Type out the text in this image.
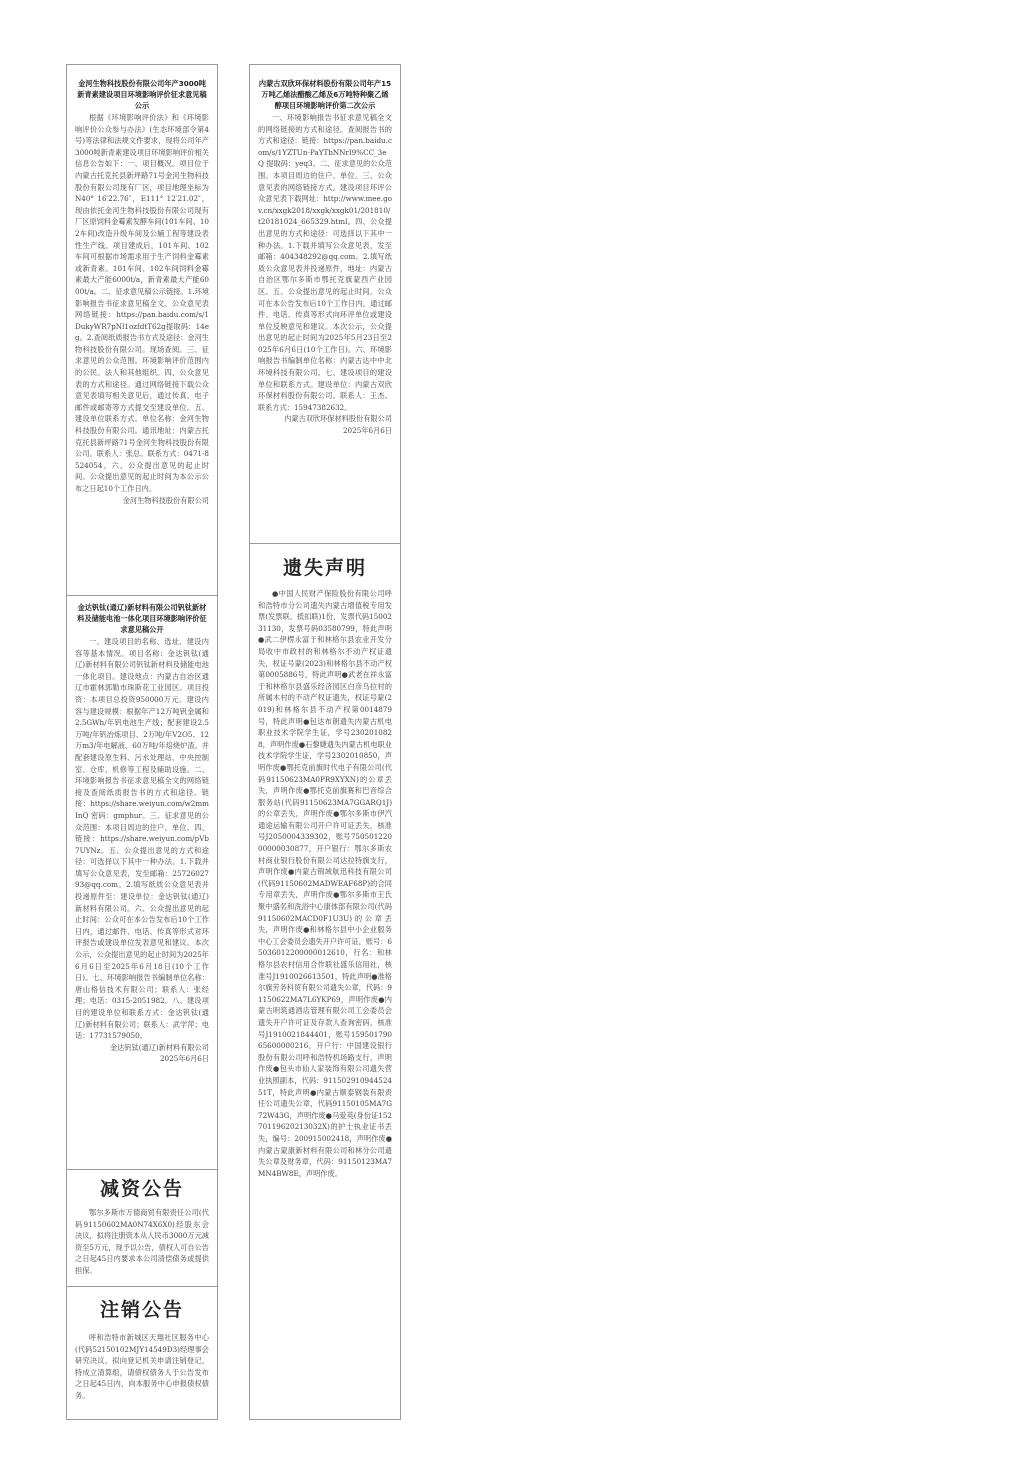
金河生物科技股份有限公司年产3000吨新青素建设项目环境影响评价征求意见稿公示

根据《环境影响评价法》和《环境影响评价公众参与办法》(生态环境部令第4号)等法律和法规文件要求，现将公司年产3000吨新青素建设项目环境影响评价相关信息公告如下：一、项目概况。项目位于内蒙古托克托县新坪路71号金河生物科技股份有限公司现有厂区，项目地理坐标为N40° 16′22.76″，E111° 12′21.02″，现由依托金河生物科技股份有限公司现有厂区原饲料金霉素发酵车间(101车间、102车间)改造升级车间及公辅工程等建设表性生产线。项目建成后，101车间、102车间可根据市场需求用于生产饲料金霉素或新青素。101车间、102车间饲料金霉素最大产能6000t/a，新青素最大产能6000t/a。二、征求意见稿公示链接。1.环境影响报告书征求意见稿全文、公众意见表网络链接：https://pan.baidu.com/s/1DukyWR7pNl1ozfdtT62g提取码：14eg。2.查阅纸质报告书方式及途径：金河生物科技股份有限公司。现场查阅。三、征求意见的公众范围。环境影响评价范围内的公民、法人和其他组织。四、公众意见表的方式和途径。通过网络链接下载公众意见表填写相关意见后，通过传真、电子邮件或邮寄等方式提交至建设单位。五、建设单位联系方式。单位名称：金河生物科技股份有限公司。通讯地址：内蒙古托克托县新坪路71号金河生物科技股份有限公司。联系人：张总。联系方式：0471-8524054。六、公众提出意见的起止时间。公众提出意见的起止时间为本公示公布之日起10个工作日内。

金河生物科技股份有限公司

金达钒钛(通辽)新材料有限公司钒钛新材料及储能电池一体化项目环境影响评价征求意见稿公开

一、建设项目的名称、选址、建设内容等基本情况。项目名称：金达钒钛(通辽)新材料有限公司钒钛新材料及储能电池一体化项目。建设地点：内蒙古自治区通辽市霍林郭勒市珠斯花工业园区。项目投资：本项目总投资950000万元。建设内容与建设规模：根据年产12万吨钒金属和2.5GWh/年钒电池生产线；配套建设2.5万吨/年钒冶炼项目、2万吨/年V2O5、12万m3/年电解液、60万吨/年焙烧炉渣。并配套建设原生料、污水处理站、中央控制室、仓库、机修等工程及辅助设施。二、环境影响报告书征求意见稿全文的网络链接及查阅纸质报告书的方式和途径。链接：https://share.weiyun.com/w2mmInQ 密码：gmphur。三、征求意见的公众范围：本项目周边的住户、单位。四、链接：https://share.weiyun.com/pVb7UYNz。五、公众提出意见的方式和途径：可选择以下其中一种办法。1.下载并填写公众意见表，发至邮箱：2572602793@qq.com。2.填写纸质公众意见表并投递原件至：建设单位：金达钒钛(通辽)新材料有限公司。六、公众提出意见的起止时间：公众可在本公告发布后10个工作日内，通过邮件、电话、传真等形式对环评报告或建设单位发表意见和建议。本次公示，公众提出意见的起止时间为2025年6月6日至2025年6月18日(10个工作日)。七、环境影响报告书编制单位名称：唐山格信技术有限公司；联系人：张经理；电话：0315-2051982。八、建设项目的建设单位和联系方式：金达钒钛(通辽)新材料有限公司；联系人：武学萍；电话：17731579050。

金达钒钛(通辽)新材料有限公司

2025年6月6日

减资公告

鄂尔多斯市万德商贸有限责任公司(代码91150602MA0N74X6X0)经股东会决议，拟将注册资本从人民币3000万元减资至5万元，现予以公告，债权人可自公告之日起45日内要求本公司清偿债务或提供担保。

注销公告

呼和浩特市新城区天翔社区服务中心(代码52150102MJY14549D3)经理事会研究决议，拟向登记机关申请注销登记，特成立清算组，请债权债务人于公告发布之日起45日内，向本服务中心申报债权债务。

内蒙古双欣环保材料股份有限公司年产15万吨乙烯法醋酸乙烯及6万吨特种聚乙烯醇项目环境影响评价第二次公示

一、环境影响报告书征求意见稿全文的网络链接的方式和途径。查阅报告书的方式和途径：链接：https://pan.baidu.com/s/1YZTUn-PaYTbNNrI9%CC_3eQ 提取码：yeq3。二、征求意见的公众范围。本项目周边的住户、单位。三、公众意见表的网络链接方式。建设项目环评公众意见表下载网址：http://www.mee.gov.cn/xxgk2018/xxgk/xxgk01/201810/t20181024_665329.html。四、公众提出意见的方式和途径：可选择以下其中一种办法。1.下载并填写公众意见表，发至邮箱：404348292@qq.com。2.填写纸质公众意见表并投递原件，地址：内蒙古自治区鄂尔多斯市鄂托克旗蒙西产业园区。五、公众提出意见的起止时间。公众可在本公告发布后10个工作日内，通过邮件、电话、传真等形式向环评单位或建设单位反映意见和建议。本次公示，公众提出意见的起止时间为2025年5月23日至2025年6月6日(10个工作日)。六、环境影响报告书编制单位名称：内蒙古达中中北环境科技有限公司。七、建设项目的建设单位和联系方式。建设单位：内蒙古双欣环保材料股份有限公司。联系人：王杰。联系方式：15947382632。

内蒙古双欣环保材料股份有限公司

2025年6月6日

遗失声明

●中国人民财产保险股份有限公司呼和浩特市分公司遗失内蒙古增值税专用发票(发票联、抵扣联)1份，发票代码1500231130，发票号码03580799，特此声明●武二伊楞永富于和林格尔县农业开发分局收中市政村的和林格尔不动产权证遗失，权证号蒙(2023)和林格尔县不动产权第0005886号，特此声明●武老在祥永富于和林格尔县盛乐经济园区白彦乌拉村的所属木村的不动产权证遗失，权证号蒙(2019)和林格尔县不动产权第0014879号，特此声明●包达布朗遗失内蒙古机电职业技术学院学生证，学号2302010828，声明作废●石黎婕遗失内蒙古机电职业技术学院学生证，学号2302010850，声明作废●鄂托克前旗时代电子有限公司(代码91150623MA0PR9XYXN)的公章丢失，声明作废●鄂托克前旗赛和巴音综合服务站(代码91150623MA7GGARQ1J)的公章丢失，声明作废●鄂尔多斯市伊汽通途运输有限公司开户许可证丢失，核准号J2050004339302，账号75050122000000030877，开户银行：鄂尔多斯农村商业银行股份有限公司达拉特旗支行，声明作废●内蒙古锦域航迅科技有限公司(代码91150602MADWEAF68P)的合同专用章丢失，声明作废●鄂尔多斯市王氏聚中盛名和洗浴中心康体部有限公司(代码91150602MACD0F1U3U)的公章丢失，声明作废●和林格尔县中小企业服务中心工会委员会遗失开户许可证，账号：65036012200000012610，行名：和林格尔县农村信用合作联社盛乐信用社，核准号J1910026613501，特此声明●准格尔旗劳务科贸有限公司遗失公章，代码：91150622MA7L6YKP69，声明作废●内蒙古明筑通酒店管理有限公司工会委员会遗失开户许可证及存款人查询密码，核准号J1910021844401，账号15950179065600000216，开户行：中国建设银行股份有限公司呼和浩特机场路支行，声明作废●包头市仙人家装饰有限公司遗失营业执照副本，代码：91150291094452451T，特此声明●内蒙古顺泰钢装有限责任公司遗失公章，代码91150105MA7G72W43G，声明作废●马爱英(身份证15270119620213032X)的护士执业证书丢失，编号：200915002418，声明作废●内蒙古蒙康新材料有限公司和林分公司遗失公章及财务章，代码：91150123MA7MN4BW8E，声明作废。
